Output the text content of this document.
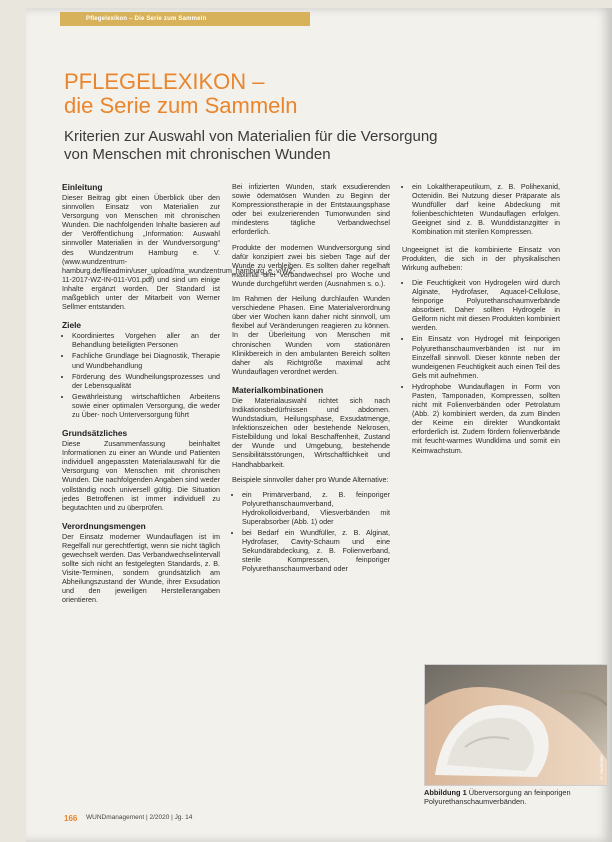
Pflegelexikon – Die Serie zum Sammeln
PFLEGELEXIKON –
die Serie zum Sammeln
Kriterien zur Auswahl von Materialien für die Versorgung
von Menschen mit chronischen Wunden
Einleitung

Dieser Beitrag gibt einen Überblick über den sinnvollen Einsatz von Materialien zur Versorgung von Menschen mit chronischen Wunden. Die nachfolgenden Inhalte basieren auf der Veröffentlichung „Information: Auswahl sinnvoller Materialien in der Wundversorgung“ des Wundzentrum Hamburg e. V. (www.wundzentrum-hamburg.de/fileadmin/user_upload/ma_wundzentrum_hamburg_e_v/WZ-11-2017-WZ-IN-011-V01.pdf) und sind um einige Inhalte ergänzt worden. Der Standard ist maßgeblich unter der Mitarbeit von Werner Sellmer entstanden.

Ziele
• Koordiniertes Vorgehen aller an der Behandlung beteiligten Personen
• Fachliche Grundlage bei Diagnostik, Therapie und Wundbehandlung
• Förderung des Wundheilungsprozesses und der Lebensqualität
• Gewährleistung wirtschaftlichen Arbeitens sowie einer optimalen Versorgung, die weder zu Über- noch Unterversorgung führt
Grundsätzliches

Diese Zusammenfassung beinhaltet Informationen zu einer an Wunde und Patienten individuell angepassten Materialauswahl für die Versorgung von Menschen mit chronischen Wunden. Die nachfolgenden Angaben sind weder vollständig noch universell gültig. Die Situation jedes Betroffenen ist immer individuell zu begutachten und zu überprüfen.

Verordnungsmengen

Der Einsatz moderner Wundauflagen ist im Regelfall nur gerechtfertigt, wenn sie nicht täglich gewechselt werden. Das Verbandwechselintervall sollte sich nicht an festgelegten Standards, z. B. Visite-Terminen, sondern grundsätzlich am Abheilungszustand der Wunde, ihrer Exsudation und den jeweiligen Herstellerangaben orientieren.

Bei infizierten Wunden, stark exsudierenden sowie ödematösen Wunden zu Beginn der Kompressionstherapie in der Entstauungsphase oder bei exulzerierenden Tumorwunden sind mindestens tägliche Verbandwechsel erforderlich.

Produkte der modernen Wundversorgung sind dafür konzipiert zwei bis sieben Tage auf der Wunde zu verbleiben. Es sollten daher regelhaft maximal drei Verbandwechsel pro Woche und Wunde durchgeführt werden (Ausnahmen s. o.).

Im Rahmen der Heilung durchlaufen Wunden verschiedene Phasen. Eine Materialverordnung über vier Wochen kann daher nicht sinnvoll, um flexibel auf Veränderungen reagieren zu können. In der Überleitung von Menschen mit chronischen Wunden vom stationären Klinikbereich in den ambulanten Bereich sollten daher als Richtgröße maximal acht Wundauflagen verordnet werden.

Materialkombinationen

Die Materialauswahl richtet sich nach Indikationsbedürfnissen und abdomen. Wundstadium, Heilungsphase, Exsudatmenge, Infektionszeichen oder bestehende Nekrosen, Fistelbildung und lokal Beschaffenheit, Zustand der Wunde und Umgebung, bestehende Sensibilitätsstörungen, Wirtschaftlichkeit und Handhabbarkeit.

Beispiele sinnvoller daher pro Wunde Alternative:

• ein Primärverband, z. B. feinporiger Polyurethanschaumverband, Hydrokolloidverband, Vliesverbänden mit Superabsorber (Abb. 1) oder
• bei Bedarf ein Wundfüller, z. B. Alginat, Hydrofaser, Cavity-Schaum und eine Sekundärabdeckung, z. B. Folienverband, sterile Kompressen, feinporiger Polyurethanschaumverband oder
• ein Lokaltherapeutikum, z. B. Polihexanid, Octenidin. Bei Nutzung dieser Präparate als Wundfüller darf keine Abdeckung mit folienbeschichteten Wundauflagen erfolgen. Geeignet sind z. B. Wunddistanzgitter in Kombination mit sterilen Kompressen.

Ungeeignet ist die kombinierte Einsatz von Produkten, die sich in der physikalischen Wirkung aufheben:

• Die Feuchtigkeit von Hydrogelen wird durch Alginate, Hydrofaser, Aquacel-Cellulose, feinporige Polyurethanschaumverbände absorbiert. Daher sollten Hydrogele in Gelform nicht mit diesen Produkten kombiniert werden.
• Ein Einsatz von Hydrogel mit feinporigen Polyurethanschaumverbänden ist nur im Einzelfall sinnvoll. Dieser könnte neben der wundeigenen Feuchtigkeit auch einen Teil des Gels mit aufnehmen.
• Hydrophobe Wundauflagen in Form von Pasten, Tamponaden, Kompressen, sollten nicht mit Folienverbänden oder Petrolatum (Abb. 2) kombiniert werden, da zum Binden der Keime ein direkter Wundkontakt erforderlich ist. Zudem fördern folienverbände mit feucht-warmes Wundklima und somit ein Keimwachstum.
© Hersteller
Abbildung 1 Überversorgung an feinporigen Polyurethanschaumverbänden.
166 WUNDmanagement | 2/2020 | Jg. 14
